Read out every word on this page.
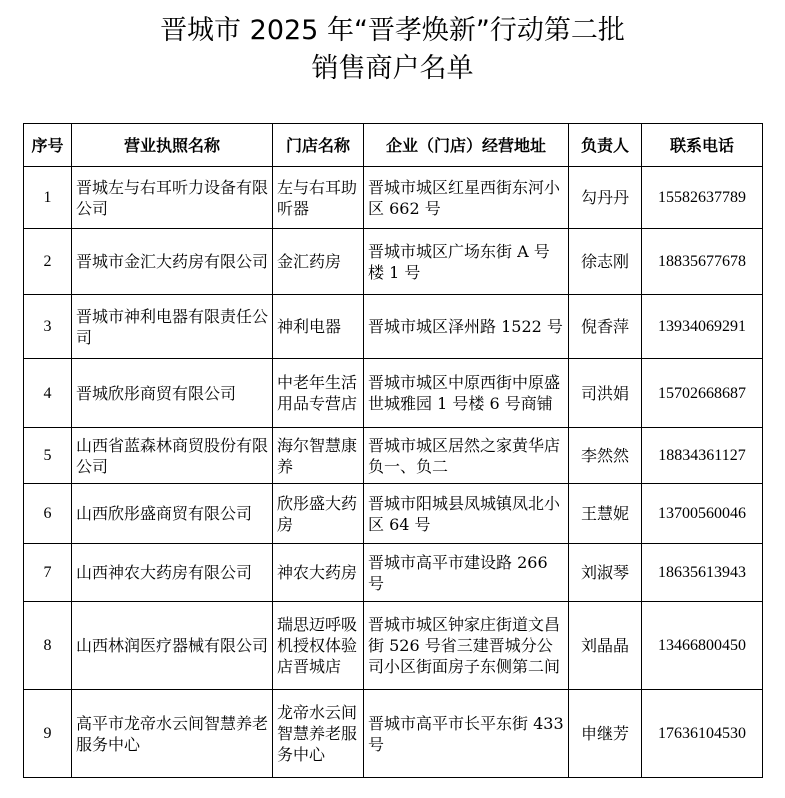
晋城市 2025 年“晋孝焕新”行动第二批
销售商户名单
序号	营业执照名称	门店名称	企业（门店）经营地址	负责人	联系电话
1	晋城左与右耳听力设备有限公司	左与右耳助听器	晋城市城区红星西街东河小区 662 号	勾丹丹	15582637789
2	晋城市金汇大药房有限公司	金汇药房	晋城市城区广场东街 A 号楼 1 号	徐志刚	18835677678
3	晋城市神利电器有限责任公司	神利电器	晋城市城区泽州路 1522 号	倪香萍	13934069291
4	晋城欣彤商贸有限公司	中老年生活用品专营店	晋城市城区中原西街中原盛世城雅园 1 号楼 6 号商铺	司洪娟	15702668687
5	山西省蓝森林商贸股份有限公司	海尔智慧康养	晋城市城区居然之家黄华店负一、负二	李然然	18834361127
6	山西欣彤盛商贸有限公司	欣彤盛大药房	晋城市阳城县凤城镇凤北小区 64 号	王慧妮	13700560046
7	山西神农大药房有限公司	神农大药房	晋城市高平市建设路 266 号	刘淑琴	18635613943
8	山西林润医疗器械有限公司	瑞思迈呼吸机授权体验店晋城店	晋城市城区钟家庄街道文昌街 526 号省三建晋城分公司小区街面房子东侧第二间	刘晶晶	13466800450
9	高平市龙帝水云间智慧养老服务中心	龙帝水云间智慧养老服务中心	晋城市高平市长平东街 433 号	申继芳	17636104530
